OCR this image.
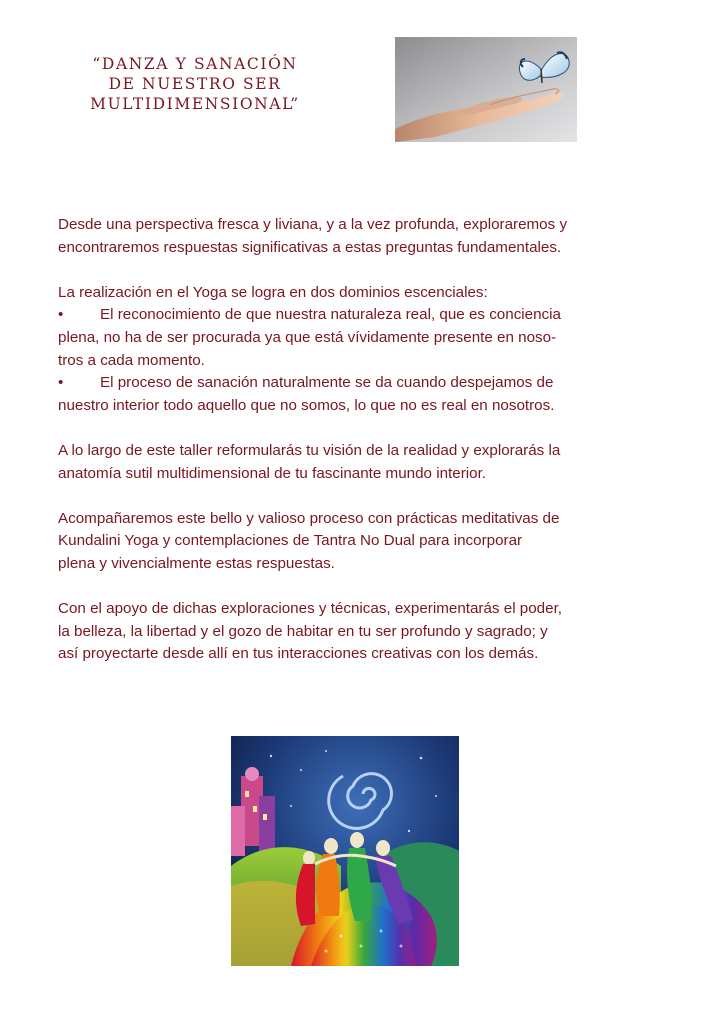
“DANZA Y SANACIÓN
DE NUESTRO SER
MULTIDIMENSIONAL”
Desde una perspectiva fresca y liviana, y a la vez profunda, exploraremos y
encontraremos respuestas significativas a estas preguntas fundamentales.
La realización en el Yoga se logra en dos dominios escenciales:
• El reconocimiento de que nuestra naturaleza real, que es conciencia
plena, no ha de ser procurada ya que está vívidamente presente en noso-
tros a cada momento.
• El proceso de sanación naturalmente se da cuando despejamos de
nuestro interior todo aquello que no somos, lo que no es real en nosotros.
A lo largo de este taller reformularás tu visión de la realidad y explorarás la
anatomía sutil multidimensional de tu fascinante mundo interior.
Acompañaremos este bello y valioso proceso con prácticas meditativas de
Kundalini Yoga y contemplaciones de Tantra No Dual para incorporar
plena y vivencialmente estas respuestas.
Con el apoyo de dichas exploraciones y técnicas, experimentarás el poder,
la belleza, la libertad y el gozo de habitar en tu ser profundo y sagrado; y
así proyectarte desde allí en tus interacciones creativas con los demás.
